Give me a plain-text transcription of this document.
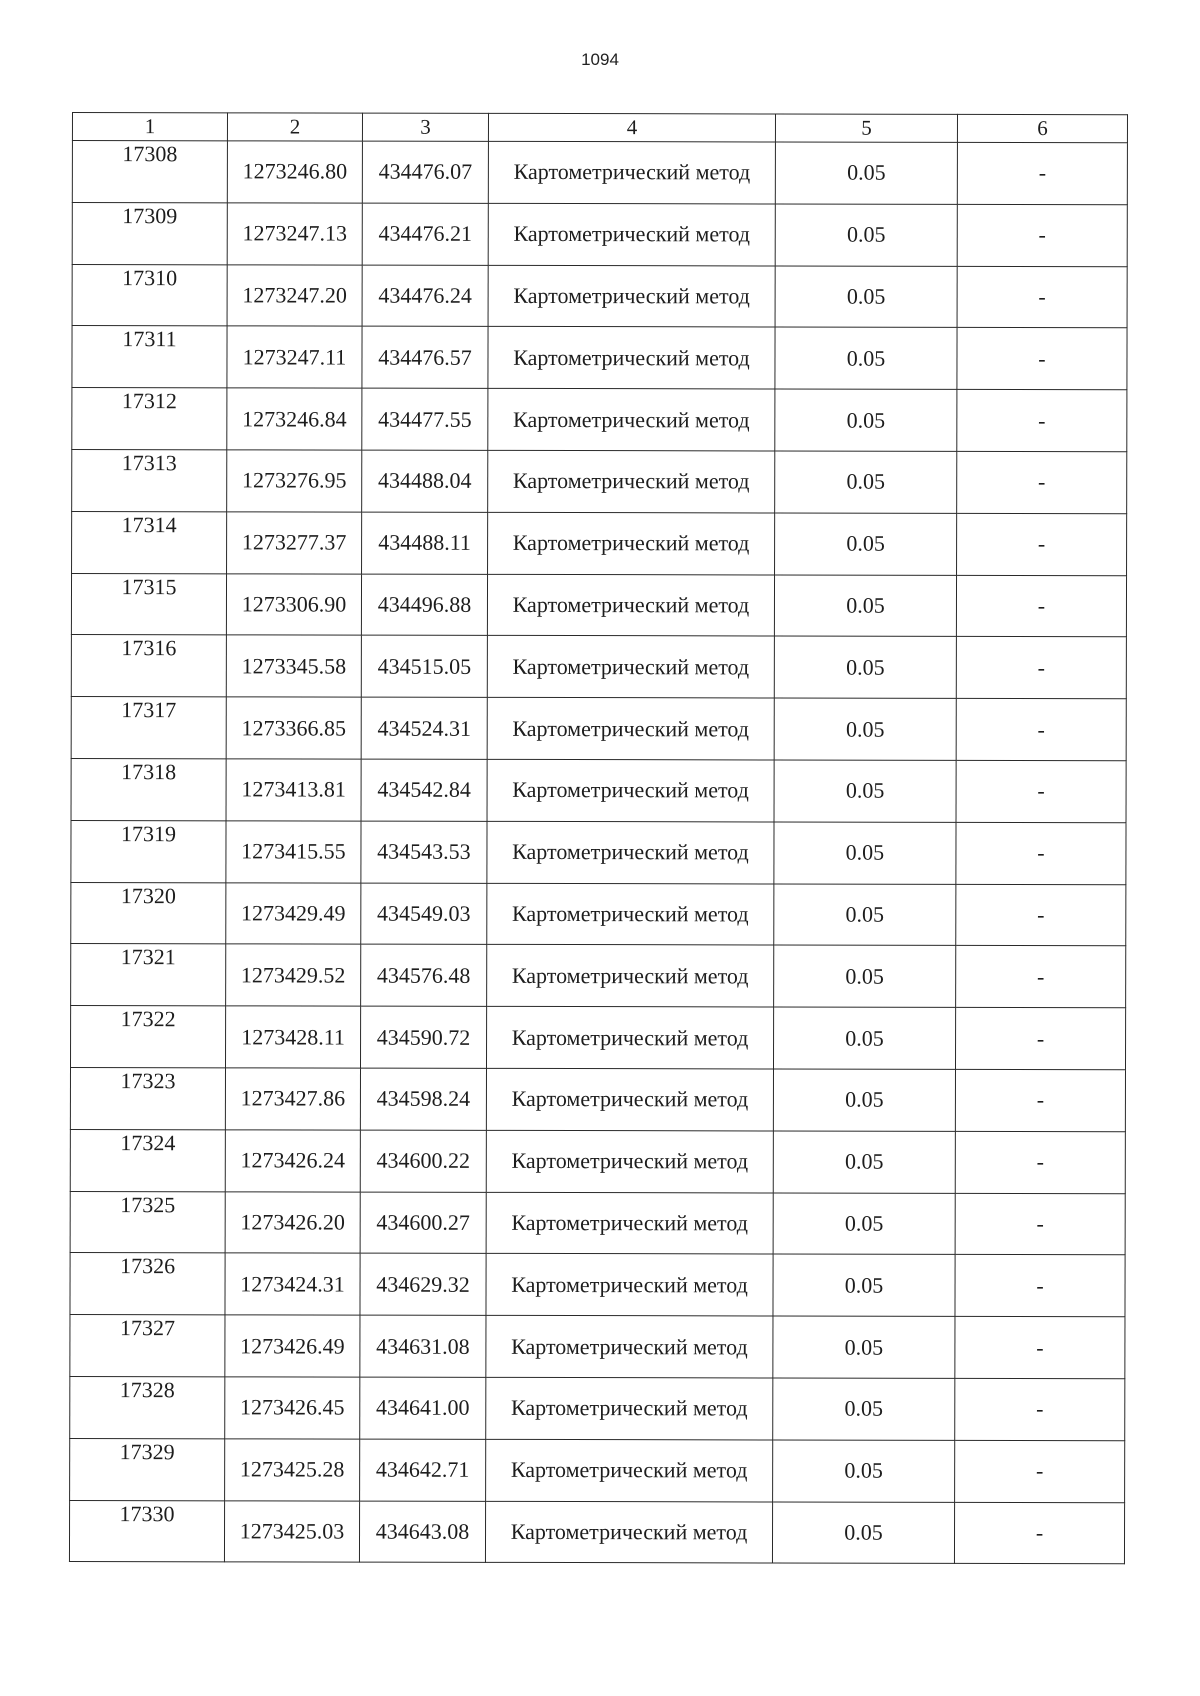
1094
1	2	3	4	5	6
17308	1273246.80	434476.07	Картометрический метод	0.05	-
17309	1273247.13	434476.21	Картометрический метод	0.05	-
17310	1273247.20	434476.24	Картометрический метод	0.05	-
17311	1273247.11	434476.57	Картометрический метод	0.05	-
17312	1273246.84	434477.55	Картометрический метод	0.05	-
17313	1273276.95	434488.04	Картометрический метод	0.05	-
17314	1273277.37	434488.11	Картометрический метод	0.05	-
17315	1273306.90	434496.88	Картометрический метод	0.05	-
17316	1273345.58	434515.05	Картометрический метод	0.05	-
17317	1273366.85	434524.31	Картометрический метод	0.05	-
17318	1273413.81	434542.84	Картометрический метод	0.05	-
17319	1273415.55	434543.53	Картометрический метод	0.05	-
17320	1273429.49	434549.03	Картометрический метод	0.05	-
17321	1273429.52	434576.48	Картометрический метод	0.05	-
17322	1273428.11	434590.72	Картометрический метод	0.05	-
17323	1273427.86	434598.24	Картометрический метод	0.05	-
17324	1273426.24	434600.22	Картометрический метод	0.05	-
17325	1273426.20	434600.27	Картометрический метод	0.05	-
17326	1273424.31	434629.32	Картометрический метод	0.05	-
17327	1273426.49	434631.08	Картометрический метод	0.05	-
17328	1273426.45	434641.00	Картометрический метод	0.05	-
17329	1273425.28	434642.71	Картометрический метод	0.05	-
17330	1273425.03	434643.08	Картометрический метод	0.05	-
